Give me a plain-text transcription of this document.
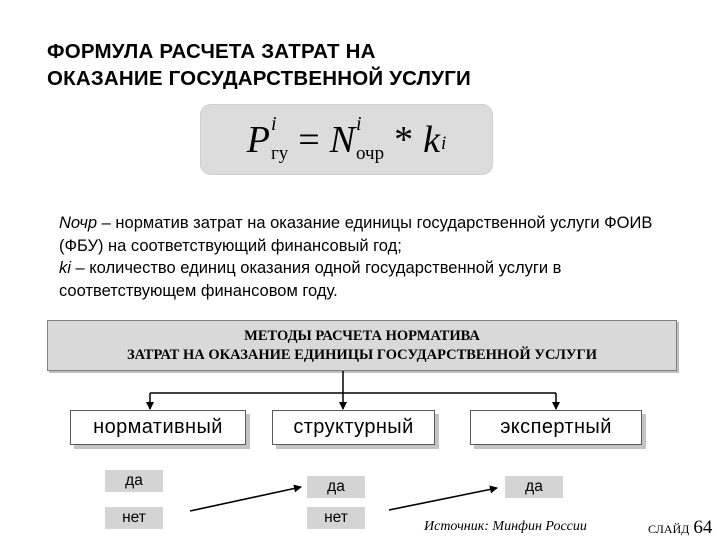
ФОРМУЛА РАСЧЕТА ЗАТРАТ НА
ОКАЗАНИЕ ГОСУДАРСТВЕННОЙ УСЛУГИ
P i
гу = N i
очр * k i
Nочр – норматив затрат на оказание единицы государственной услуги ФОИВ (ФБУ) на соответствующий финансовый год;
ki – количество единиц оказания одной государственной услуги в соответствующем финансовом году.
МЕТОДЫ РАСЧЕТА НОРМАТИВА
ЗАТРАТ НА ОКАЗАНИЕ ЕДИНИЦЫ ГОСУДАРСТВЕННОЙ УСЛУГИ
нормативный	структурный	экспертный
да
нет
да
нет
да
Источник: Минфин России	СЛАЙД 64
